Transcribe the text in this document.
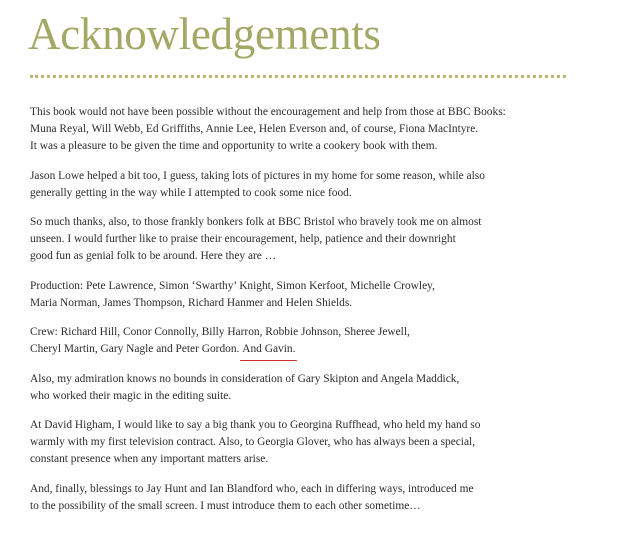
Acknowledgements

This book would not have been possible without the encouragement and help from those at BBC Books:
Muna Reyal, Will Webb, Ed Griffiths, Annie Lee, Helen Everson and, of course, Fiona MacIntyre.
It was a pleasure to be given the time and opportunity to write a cookery book with them.

Jason Lowe helped a bit too, I guess, taking lots of pictures in my home for some reason, while also
generally getting in the way while I attempted to cook some nice food.

So much thanks, also, to those frankly bonkers folk at BBC Bristol who bravely took me on almost
unseen. I would further like to praise their encouragement, help, patience and their downright
good fun as genial folk to be around. Here they are …

Production: Pete Lawrence, Simon ‘Swarthy’ Knight, Simon Kerfoot, Michelle Crowley,
Maria Norman, James Thompson, Richard Hanmer and Helen Shields.

Crew: Richard Hill, Conor Connolly, Billy Harron, Robbie Johnson, Sheree Jewell,
Cheryl Martin, Gary Nagle and Peter Gordon. And Gavin.

Also, my admiration knows no bounds in consideration of Gary Skipton and Angela Maddick,
who worked their magic in the editing suite.

At David Higham, I would like to say a big thank you to Georgina Ruffhead, who held my hand so
warmly with my first television contract. Also, to Georgia Glover, who has always been a special,
constant presence when any important matters arise.

And, finally, blessings to Jay Hunt and Ian Blandford who, each in differing ways, introduced me
to the possibility of the small screen. I must introduce them to each other sometime…
